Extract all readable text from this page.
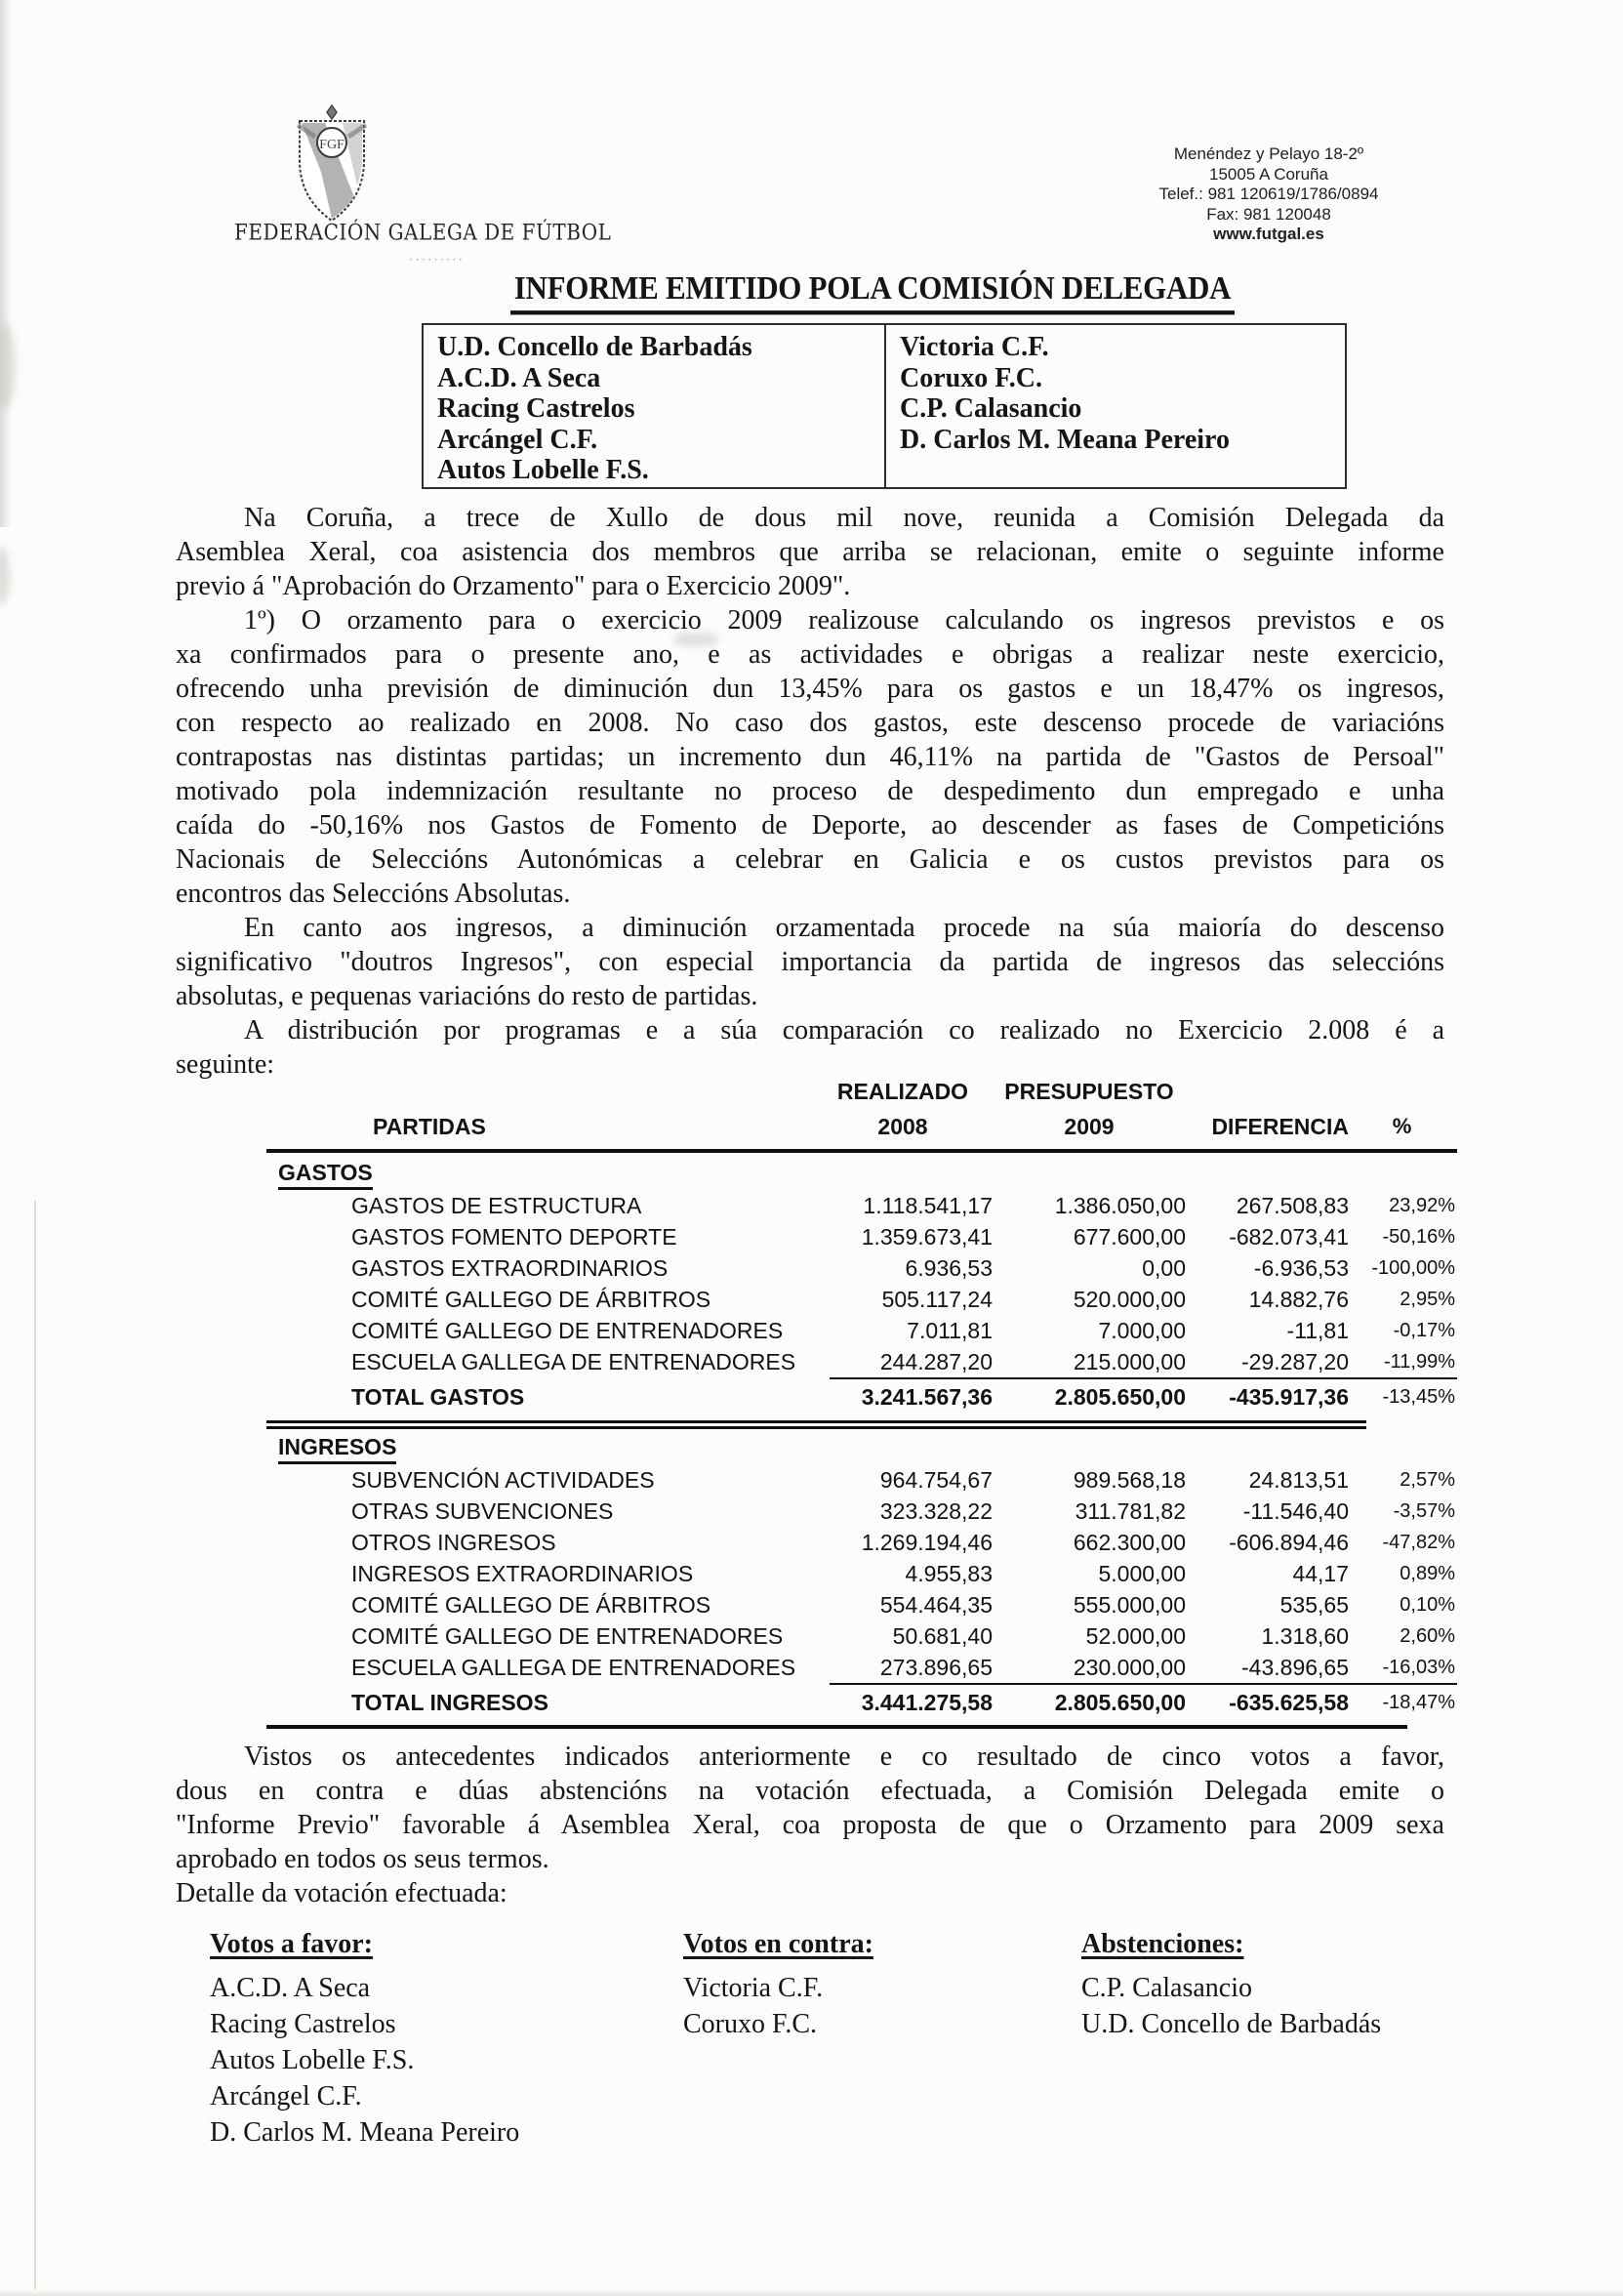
·········
FGF
FEDERACIÓN GALEGA DE FÚTBOL
Menéndez y Pelayo 18-2º
15005 A Coruña
Telef.: 981 120619/1786/0894
Fax: 981 120048
www.futgal.es
INFORME EMITIDO POLA COMISIÓN DELEGADA
U.D. Concello de Barbadás
A.C.D. A Seca
Racing Castrelos
Arcángel C.F.
Autos Lobelle F.S.
Victoria C.F.
Coruxo F.C.
C.P. Calasancio
D. Carlos M. Meana Pereiro
Na Coruña, a trece de Xullo de dous mil nove, reunida a Comisión Delegada da
Asemblea Xeral, coa asistencia dos membros que arriba se relacionan, emite o seguinte informe
previo á "Aprobación do Orzamento" para o Exercicio 2009".
1º) O orzamento para o exercicio 2009 realizouse calculando os ingresos previstos e os
xa confirmados para o presente ano, e as actividades e obrigas a realizar neste exercicio,
ofrecendo unha previsión de diminución dun 13,45% para os gastos e un 18,47% os ingresos,
con respecto ao realizado en 2008. No caso dos gastos, este descenso procede de variacións
contrapostas nas distintas partidas; un incremento dun 46,11% na partida de "Gastos de Persoal"
motivado pola indemnización resultante no proceso de despedimento dun empregado e unha
caída do -50,16% nos Gastos de Fomento de Deporte, ao descender as fases de Competicións
Nacionais de Seleccións Autonómicas a celebrar en Galicia e os custos previstos para os
encontros das Seleccións Absolutas.
En canto aos ingresos, a diminución orzamentada procede na súa maioría do descenso
significativo "doutros Ingresos", con especial importancia da partida de ingresos das seleccións
absolutas, e pequenas variacións do resto de partidas.
A distribución por programas e a súa comparación co realizado no Exercicio 2.008 é a
seguinte:
REALIZADO	PRESUPUESTO
PARTIDAS	2008	2009	DIFERENCIA	%
GASTOS
GASTOS DE ESTRUCTURA	1.118.541,17	1.386.050,00	267.508,83	23,92%
GASTOS FOMENTO DEPORTE	1.359.673,41	677.600,00	-682.073,41	-50,16%
GASTOS EXTRAORDINARIOS	6.936,53	0,00	-6.936,53	-100,00%
COMITÉ GALLEGO DE ÁRBITROS	505.117,24	520.000,00	14.882,76	2,95%
COMITÉ GALLEGO DE ENTRENADORES	7.011,81	7.000,00	-11,81	-0,17%
ESCUELA GALLEGA DE ENTRENADORES	244.287,20	215.000,00	-29.287,20	-11,99%
TOTAL GASTOS	3.241.567,36	2.805.650,00	-435.917,36	-13,45%
INGRESOS
SUBVENCIÓN ACTIVIDADES	964.754,67	989.568,18	24.813,51	2,57%
OTRAS SUBVENCIONES	323.328,22	311.781,82	-11.546,40	-3,57%
OTROS INGRESOS	1.269.194,46	662.300,00	-606.894,46	-47,82%
INGRESOS EXTRAORDINARIOS	4.955,83	5.000,00	44,17	0,89%
COMITÉ GALLEGO DE ÁRBITROS	554.464,35	555.000,00	535,65	0,10%
COMITÉ GALLEGO DE ENTRENADORES	50.681,40	52.000,00	1.318,60	2,60%
ESCUELA GALLEGA DE ENTRENADORES	273.896,65	230.000,00	-43.896,65	-16,03%
TOTAL INGRESOS	3.441.275,58	2.805.650,00	-635.625,58	-18,47%
Vistos os antecedentes indicados anteriormente e co resultado de cinco votos a favor,
dous en contra e dúas abstencións na votación efectuada, a Comisión Delegada emite o
"Informe Previo" favorable á Asemblea Xeral, coa proposta de que o Orzamento para 2009 sexa
aprobado en todos os seus termos.
Detalle da votación efectuada:
Votos a favor:
A.C.D. A Seca
Racing Castrelos
Autos Lobelle F.S.
Arcángel C.F.
D. Carlos M. Meana Pereiro
Votos en contra:
Victoria C.F.
Coruxo F.C.
Abstenciones:
C.P. Calasancio
U.D. Concello de Barbadás
